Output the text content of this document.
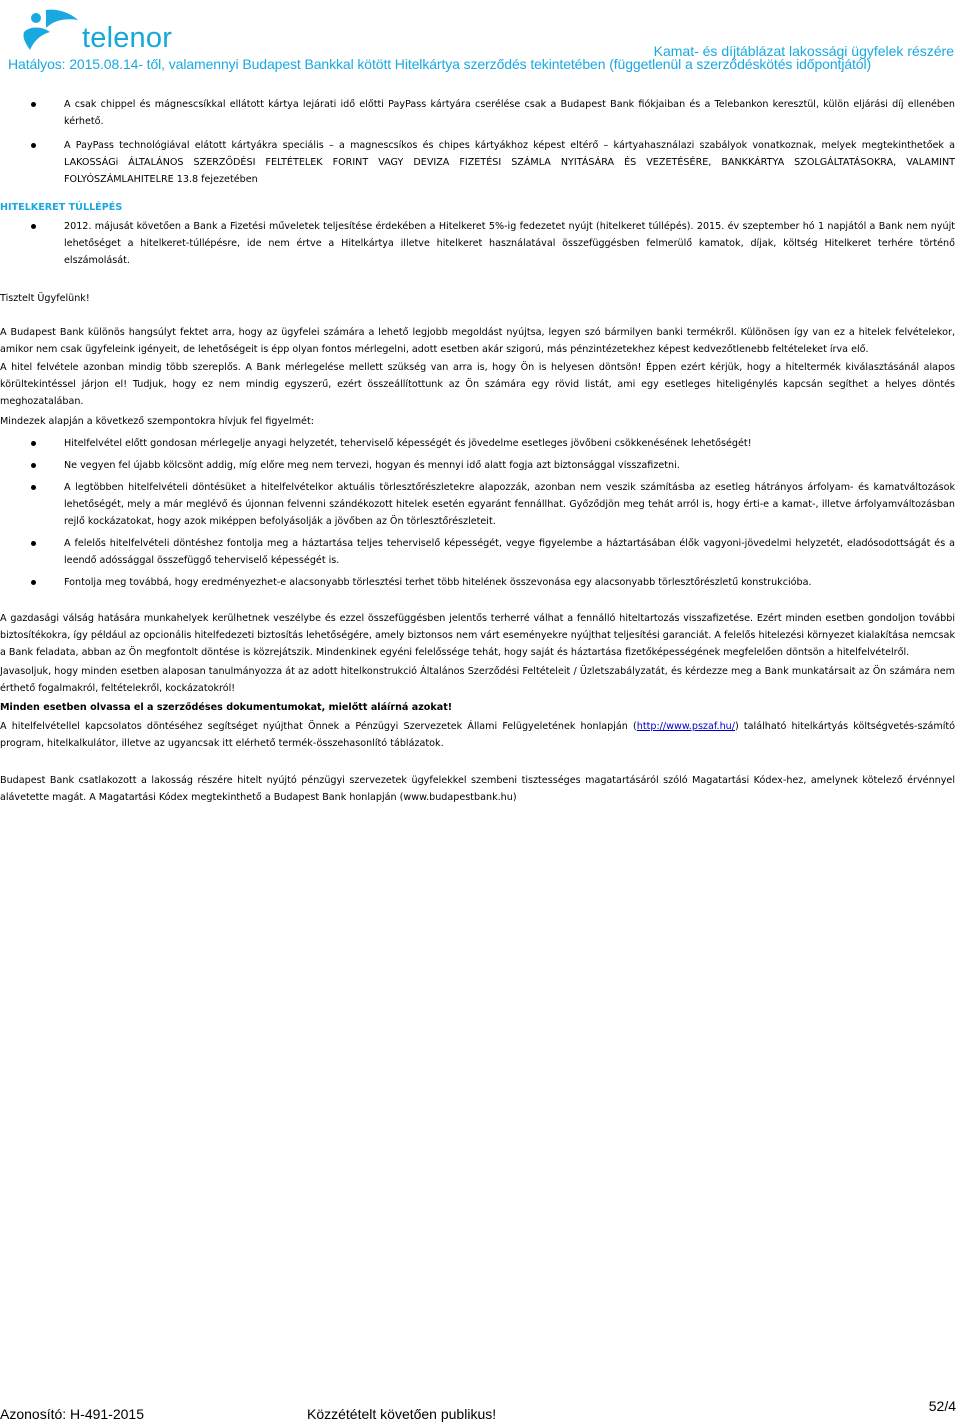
telenor	Kamat- és díjtáblázat lakossági ügyfelek részére
Hatályos: 2015.08.14- től, valamennyi Budapest Bankkal kötött Hitelkártya szerződés tekintetében (függetlenül a szerződéskötés időpontjától)
A csak chippel és mágnescsíkkal ellátott kártya lejárati idő előtti PayPass kártyára cserélése csak a Budapest Bank fiókjaiban és a Telebankon keresztül, külön eljárási díj ellenében kérhető.
A PayPass technológiával elátott kártyákra speciális – a magnescsíkos és chipes kártyákhoz képest eltérő – kártyahasználazi szabályok vonatkoznak, melyek megtekinthetőek a LAKOSSÁGi ÁLTALÁNOS SZERZŐDÉSI FELTÉTELEK FORINT VAGY DEVIZA FIZETÉSI SZÁMLA NYITÁSÁRA ÉS VEZETÉSÉRE, BANKKÁRTYA SZOLGÁLTATÁSOKRA, VALAMINT FOLYÓSZÁMLAHITELRE 13.8 fejezetében
HITELKERET TÚLLÉPÉS
2012. májusát követően a Bank a Fizetési műveletek teljesítése érdekében a Hitelkeret 5%-ig fedezetet nyújt (hitelkeret túllépés). 2015. év szeptember hó 1 napjától a Bank nem nyújt lehetőséget a hitelkeret-túllépésre, ide nem értve a Hitelkártya illetve hitelkeret használatával összefüggésben felmerülő kamatok, díjak, költség Hitelkeret terhére történő elszámolását.

Tisztelt Ügyfelünk!

A Budapest Bank különös hangsúlyt fektet arra, hogy az ügyfelei számára a lehető legjobb megoldást nyújtsa, legyen szó bármilyen banki termékről. Különösen így van ez a hitelek felvételekor, amikor nem csak ügyfeleink igényeit, de lehetőségeit is épp olyan fontos mérlegelni, adott esetben akár szigorú, más pénzintézetekhez képest kedvezőtlenebb feltételeket írva elő.

A hitel felvétele azonban mindig több szereplős. A Bank mérlegelése mellett szükség van arra is, hogy Ön is helyesen döntsön! Éppen ezért kérjük, hogy a hiteltermék kiválasztásánál alapos körültekintéssel járjon el! Tudjuk, hogy ez nem mindig egyszerű, ezért összeállítottunk az Ön számára egy rövid listát, ami egy esetleges hiteligénylés kapcsán segíthet a helyes döntés meghozatalában.

Mindezek alapján a következő szempontokra hívjuk fel figyelmét:

Hitelfelvétel előtt gondosan mérlegelje anyagi helyzetét, teherviselő képességét és jövedelme esetleges jövőbeni csökkenésének lehetőségét!
Ne vegyen fel újabb kölcsönt addig, míg előre meg nem tervezi, hogyan és mennyi idő alatt fogja azt biztonsággal visszafizetni.
A legtöbben hitelfelvételi döntésüket a hitelfelvételkor aktuális törlesztőrészletekre alapozzák, azonban nem veszik számításba az esetleg hátrányos árfolyam- és kamatváltozások lehetőségét, mely a már meglévő és újonnan felvenni szándékozott hitelek esetén egyaránt fennállhat. Győződjön meg tehát arról is, hogy érti-e a kamat-, illetve árfolyamváltozásban rejlő kockázatokat, hogy azok miképpen befolyásolják a jövőben az Ön törlesztőrészleteit.
A felelős hitelfelvételi döntéshez fontolja meg a háztartása teljes teherviselő képességét, vegye figyelembe a háztartásában élők vagyoni-jövedelmi helyzetét, eladósodottságát és a leendő adóssággal összefüggő teherviselő képességét is.
Fontolja meg továbbá, hogy eredményezhet-e alacsonyabb törlesztési terhet több hitelének összevonása egy alacsonyabb törlesztőrészletű konstrukcióba.

A gazdasági válság hatására munkahelyek kerülhetnek veszélybe és ezzel összefüggésben jelentős terherré válhat a fennálló hiteltartozás visszafizetése. Ezért minden esetben gondoljon további biztosítékokra, így például az opcionális hitelfedezeti biztosítás lehetőségére, amely biztonsos nem várt eseményekre nyújthat teljesítési garanciát. A felelős hitelezési környezet kialakítása nemcsak a Bank feladata, abban az Ön megfontolt döntése is közrejátszik. Mindenkinek egyéni felelőssége tehát, hogy saját és háztartása fizetőképességének megfelelően döntsön a hitelfelvételről.

Javasoljuk, hogy minden esetben alaposan tanulmányozza át az adott hitelkonstrukció Általános Szerződési Feltételeit / Üzletszabályzatát, és kérdezze meg a Bank munkatársait az Ön számára nem érthető fogalmakról, feltételekről, kockázatokról!

Minden esetben olvassa el a szerződéses dokumentumokat, mielőtt aláírná azokat!

A hitelfelvétellel kapcsolatos döntéséhez segítséget nyújthat Önnek a Pénzügyi Szervezetek Állami Felügyeletének honlapján (http://www.pszaf.hu/) található hitelkártyás költségvetés-számító program, hitelkalkulátor, illetve az ugyancsak itt elérhető termék-összehasonlító táblázatok.

Budapest Bank csatlakozott a lakosság részére hitelt nyújtó pénzügyi szervezetek ügyfelekkel szembeni tisztességes magatartásáról szóló Magatartási Kódex-hez, amelynek kötelező érvénnyel alávetette magát. A Magatartási Kódex megtekinthető a Budapest Bank honlapján (www.budapestbank.hu)

Azonosító: H-491-2015	Közzétételt követően publikus!	52/4
